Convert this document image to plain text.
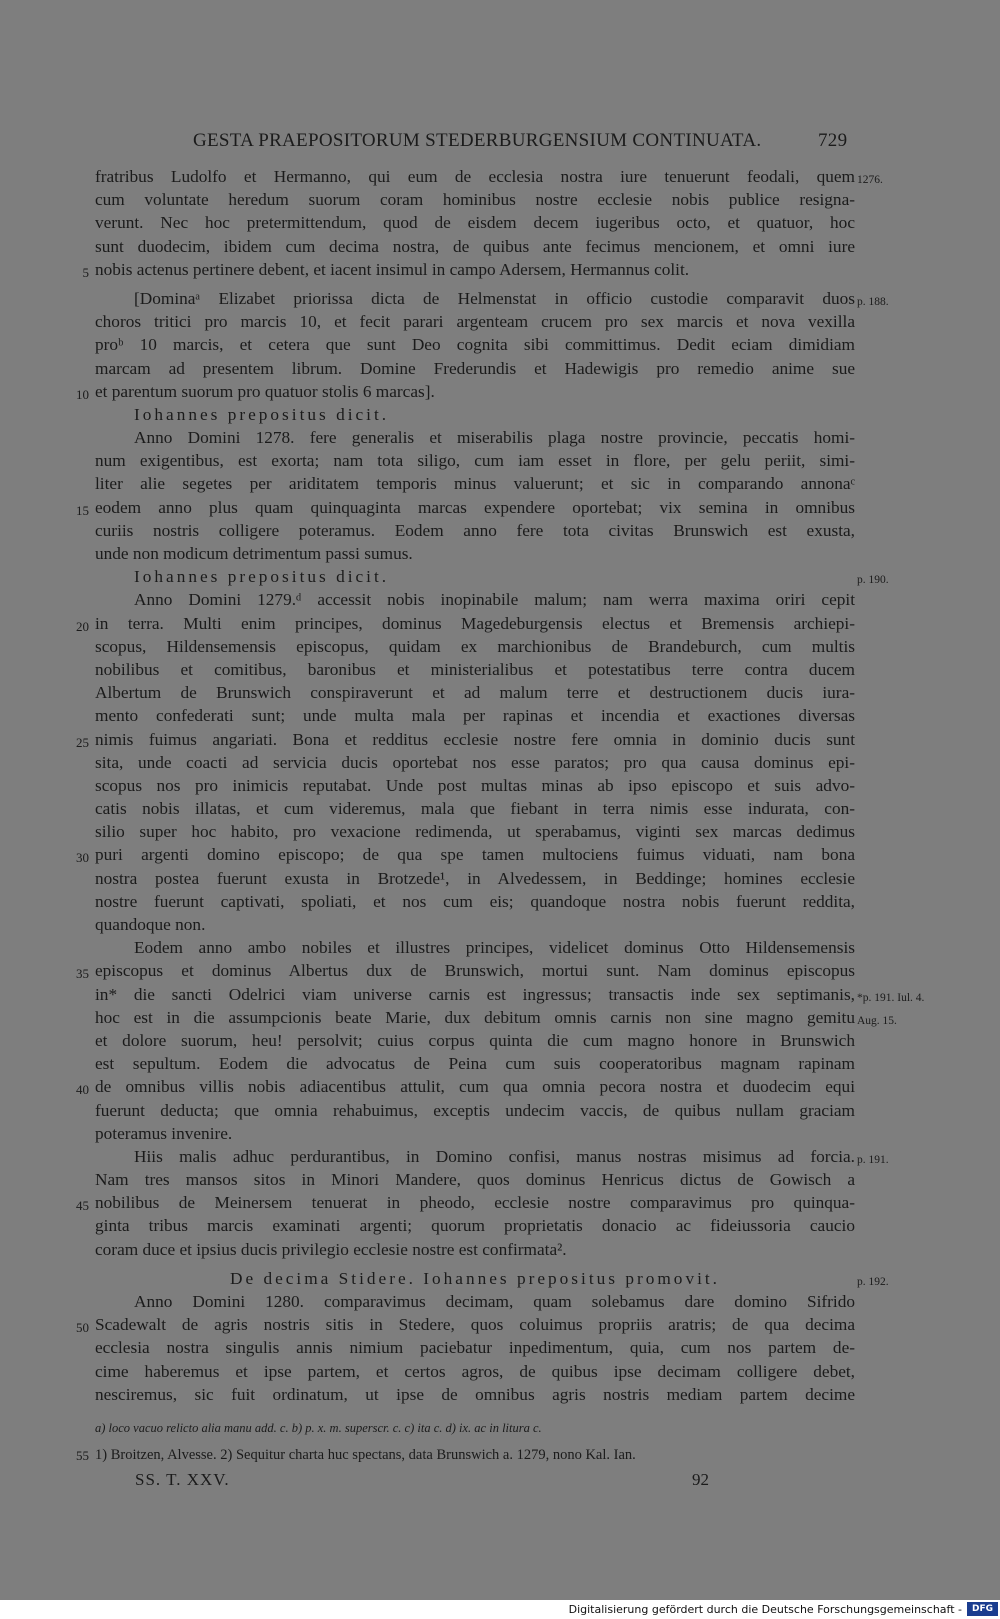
GESTA PRAEPOSITORUM STEDERBURGENSIUM CONTINUATA.	729
fratribus Ludolfo et Hermanno, qui eum de ecclesia nostra iure tenuerunt feodali, quem 1276.
cum voluntate heredum suorum coram hominibus nostre ecclesie nobis publice resigna-
verunt. Nec hoc pretermittendum, quod de eisdem decem iugeribus octo, et quatuor, hoc
sunt duodecim, ibidem cum decima nostra, de quibus ante fecimus mencionem, et omni iure
5 nobis actenus pertinere debent, et iacent insimul in campo Adersem, Hermannus colit.
[Dominaᵃ Elizabet priorissa dicta de Helmenstat in officio custodie comparavit duos p. 188.
choros tritici pro marcis 10, et fecit parari argenteam crucem pro sex marcis et nova vexilla
proᵇ 10 marcis, et cetera que sunt Deo cognita sibi committimus. Dedit eciam dimidiam
marcam ad presentem librum. Domine Frederundis et Hadewigis pro remedio anime sue
10 et parentum suorum pro quatuor stolis 6 marcas].
Iohannes prepositus dicit.
Anno Domini 1278. fere generalis et miserabilis plaga nostre provincie, peccatis homi-
num exigentibus, est exorta; nam tota siligo, cum iam esset in flore, per gelu periit, simi-
liter alie segetes per ariditatem temporis minus valuerunt; et sic in comparando annonaᶜ
15 eodem anno plus quam quinquaginta marcas expendere oportebat; vix semina in omnibus
curiis nostris colligere poteramus. Eodem anno fere tota civitas Brunswich est exusta,
unde non modicum detrimentum passi sumus.
Iohannes prepositus dicit.	p. 190.
Anno Domini 1279.ᵈ accessit nobis inopinabile malum; nam werra maxima oriri cepit
20 in terra. Multi enim principes, dominus Magedeburgensis electus et Bremensis archiepi-
scopus, Hildensemensis episcopus, quidam ex marchionibus de Brandeburch, cum multis
nobilibus et comitibus, baronibus et ministerialibus et potestatibus terre contra ducem
Albertum de Brunswich conspiraverunt et ad malum terre et destructionem ducis iura-
mento confederati sunt; unde multa mala per rapinas et incendia et exactiones diversas
25 nimis fuimus angariati. Bona et redditus ecclesie nostre fere omnia in dominio ducis sunt
sita, unde coacti ad servicia ducis oportebat nos esse paratos; pro qua causa dominus epi-
scopus nos pro inimicis reputabat. Unde post multas minas ab ipso episcopo et suis advo-
catis nobis illatas, et cum videremus, mala que fiebant in terra nimis esse indurata, con-
silio super hoc habito, pro vexacione redimenda, ut sperabamus, viginti sex marcas dedimus
30 puri argenti domino episcopo; de qua spe tamen multociens fuimus viduati, nam bona
nostra postea fuerunt exusta in Brotzede¹, in Alvedessem, in Beddinge; homines ecclesie
nostre fuerunt captivati, spoliati, et nos cum eis; quandoque nostra nobis fuerunt reddita,
quandoque non.
Eodem anno ambo nobiles et illustres principes, videlicet dominus Otto Hildensemensis
35 episcopus et dominus Albertus dux de Brunswich, mortui sunt. Nam dominus episcopus
in* die sancti Odelrici viam universe carnis est ingressus; transactis inde sex septimanis, *p. 191. Iul. 4.
hoc est in die assumpcionis beate Marie, dux debitum omnis carnis non sine magno gemitu Aug. 15.
et dolore suorum, heu! persolvit; cuius corpus quinta die cum magno honore in Brunswich
est sepultum. Eodem die advocatus de Peina cum suis cooperatoribus magnam rapinam
40 de omnibus villis nobis adiacentibus attulit, cum qua omnia pecora nostra et duodecim equi
fuerunt deducta; que omnia rehabuimus, exceptis undecim vaccis, de quibus nullam graciam
poteramus invenire.
Hiis malis adhuc perdurantibus, in Domino confisi, manus nostras misimus ad forcia. p. 191.
Nam tres mansos sitos in Minori Mandere, quos dominus Henricus dictus de Gowisch a
45 nobilibus de Meinersem tenuerat in pheodo, ecclesie nostre comparavimus pro quinqua-
ginta tribus marcis examinati argenti; quorum proprietatis donacio ac fideiussoria caucio
coram duce et ipsius ducis privilegio ecclesie nostre est confirmata².
De decima Stidere. Iohannes prepositus promovit.	p. 192.
Anno Domini 1280. comparavimus decimam, quam solebamus dare domino Sifrido
50 Scadewalt de agris nostris sitis in Stedere, quos coluimus propriis aratris; de qua decima
ecclesia nostra singulis annis nimium paciebatur inpedimentum, quia, cum nos partem de-
cime haberemus et ipse partem, et certos agros, de quibus ipse decimam colligere debet,
nesciremus, sic fuit ordinatum, ut ipse de omnibus agris nostris mediam partem decime
a) loco vacuo relicto alia manu add. c. b) p. x. m. superscr. c. c) ita c. d) ix. ac in litura c.
55 1) Broitzen, Alvesse. 2) Sequitur charta huc spectans, data Brunswich a. 1279, nono Kal. Ian.
SS. T. XXV.	92
Digitalisierung gefördert durch die Deutsche Forschungsgemeinschaft -	DFG
